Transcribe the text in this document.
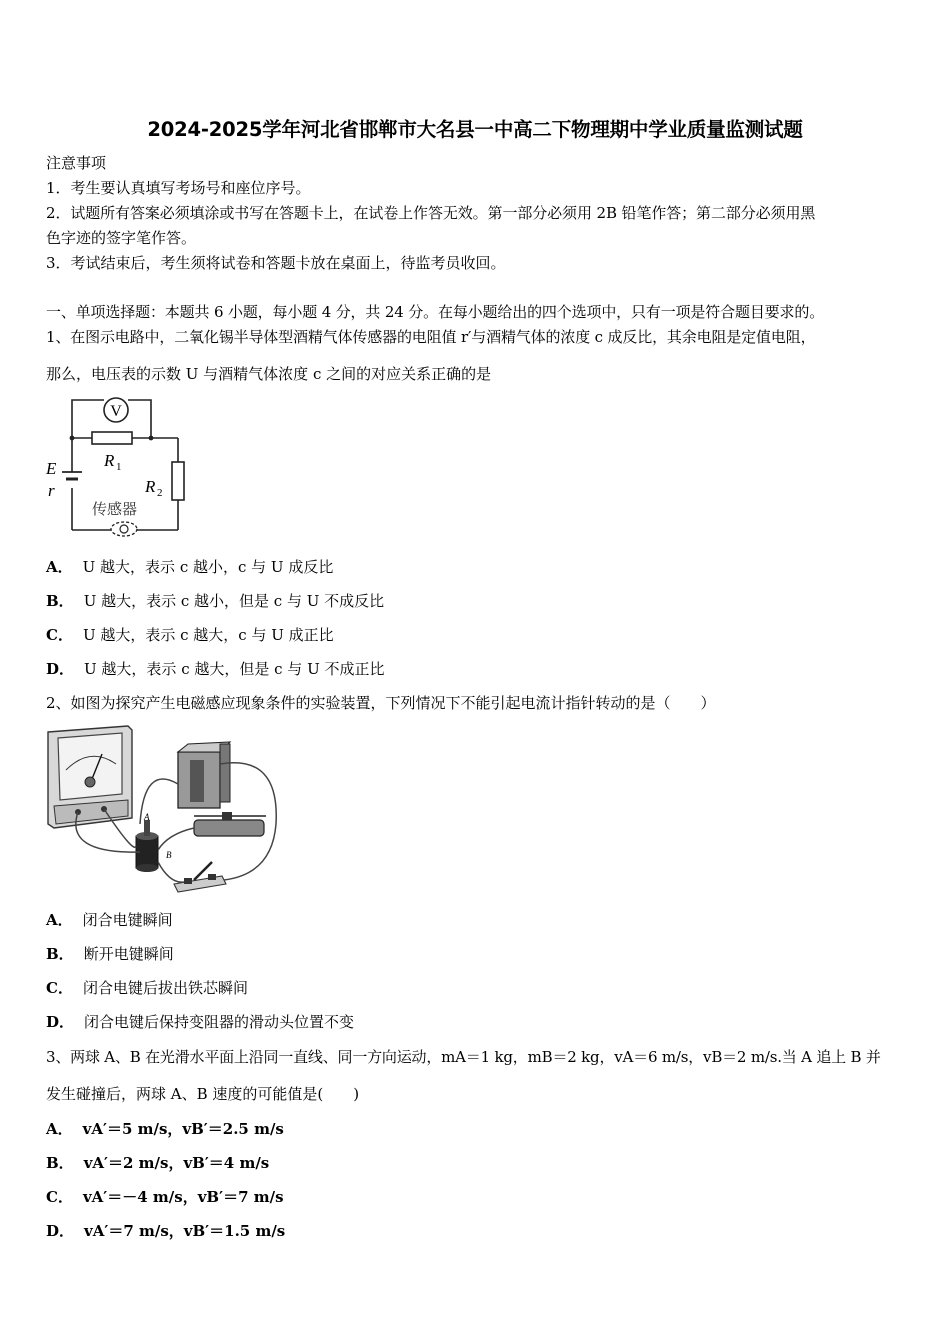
2024-2025学年河北省邯郸市大名县一中高二下物理期中学业质量监测试题
注意事项
1．考生要认真填写考场号和座位序号。
2．试题所有答案必须填涂或书写在答题卡上，在试卷上作答无效。第一部分必须用 2B 铅笔作答；第二部分必须用黑
色字迹的签字笔作答。
3．考试结束后，考生须将试卷和答题卡放在桌面上，待监考员收回。
一、单项选择题：本题共 6 小题，每小题 4 分，共 24 分。在每小题给出的四个选项中，只有一项是符合题目要求的。
1、在图示电路中，二氧化锡半导体型酒精气体传感器的电阻值 r′与酒精气体的浓度 c 成反比，其余电阻是定值电阻，
那么，电压表的示数 U 与酒精气体浓度 c 之间的对应关系正确的是
V
R 1
R 2
E
r
传感器
A． U 越大，表示 c 越小，c 与 U 成反比
B． U 越大，表示 c 越小，但是 c 与 U 不成反比
C． U 越大，表示 c 越大，c 与 U 成正比
D． U 越大，表示 c 越大，但是 c 与 U 不成正比
2、如图为探究产生电磁感应现象条件的实验装置，下列情况下不能引起电流计指针转动的是（　　）
A
B
A． 闭合电键瞬间
B． 断开电键瞬间
C． 闭合电键后拔出铁芯瞬间
D． 闭合电键后保持变阻器的滑动头位置不变
3、两球 A、B 在光滑水平面上沿同一直线、同一方向运动，mA＝1 kg，mB＝2 kg，vA＝6 m/s，vB＝2 m/s.当 A 追上 B 并
发生碰撞后，两球 A、B 速度的可能值是(　　)
A． vA′＝5 m/s，vB′＝2.5 m/s
B． vA′＝2 m/s，vB′＝4 m/s
C． vA′＝－4 m/s，vB′＝7 m/s
D． vA′＝7 m/s，vB′＝1.5 m/s
